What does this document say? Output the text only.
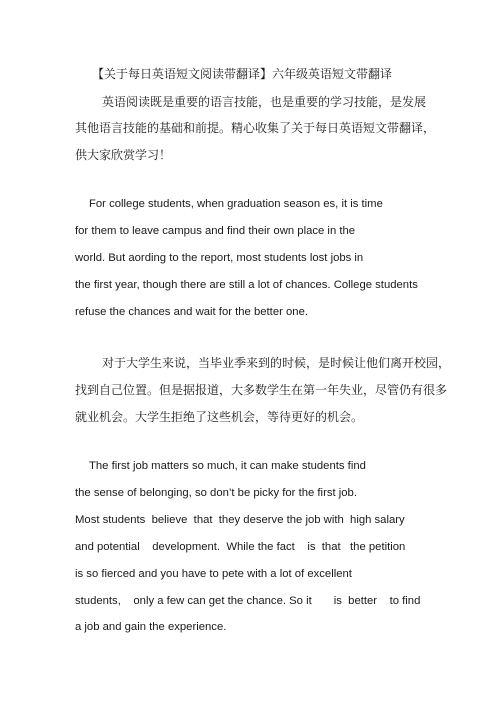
【关于每日英语短文阅读带翻译】六年级英语短文带翻译
英语阅读既是重要的语言技能，也是重要的学习技能，是发展
其他语言技能的基础和前提。精心收集了关于每日英语短文带翻译，
供大家欣赏学习！
For college students, when graduation season es, it is time
for them to leave campus and find their own place in the
world. But aording to the report, most students lost jobs in
the first year, though there are still a lot of chances. College students
refuse the chances and wait for the better one.
对于大学生来说，当毕业季来到的时候，是时候让他们离开校园，
找到自己位置。但是据报道，大多数学生在第一年失业，尽管仍有很多
就业机会。大学生拒绝了这些机会，等待更好的机会。
The first job matters so much, it can make students find
the sense of belonging, so don’t be picky for the first job.
Most students  believe  that  they deserve the job with  high salary
and potential    development.  While the fact    is  that   the petition
is so fierced and you have to pete with a lot of excellent
students,    only a few can get the chance. So it       is  better    to find
a job and gain the experience.
